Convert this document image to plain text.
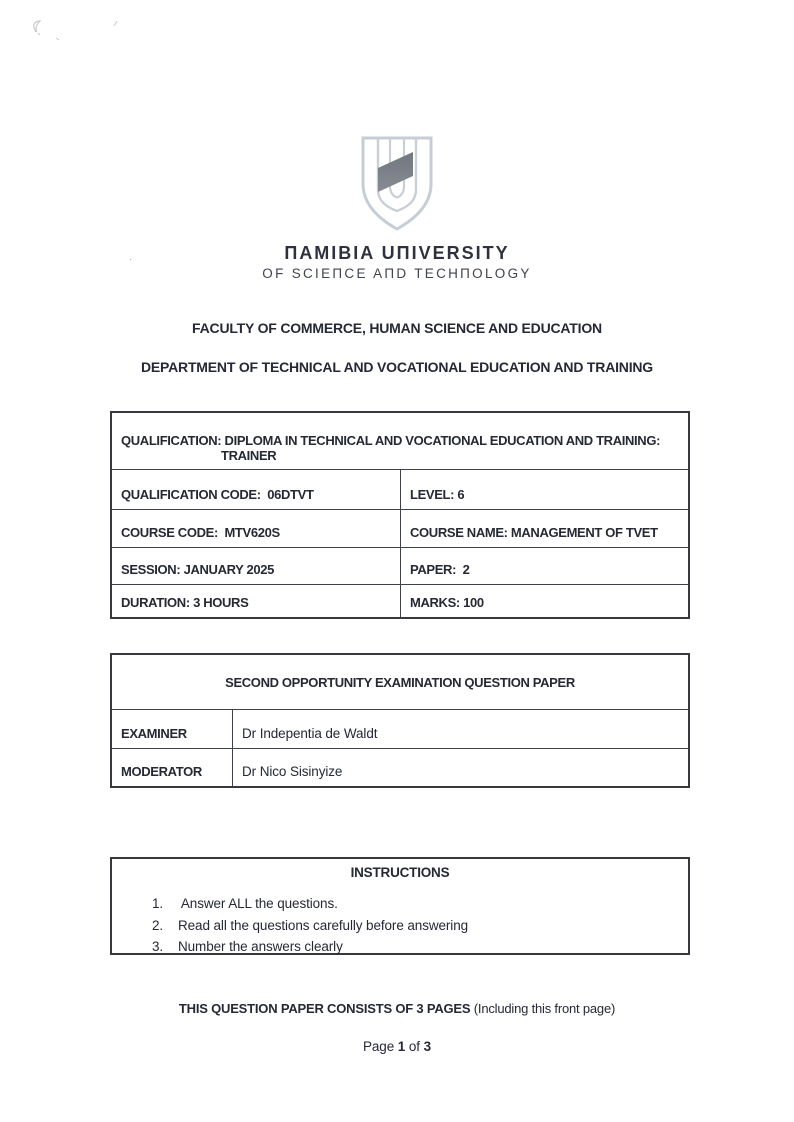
·	ПAMIBIA UПIVERSITY
OF SCIEПCE AПD TECHПOLOGY
FACULTY OF COMMERCE, HUMAN SCIENCE AND EDUCATION
DEPARTMENT OF TECHNICAL AND VOCATIONAL EDUCATION AND TRAINING
QUALIFICATION: DIPLOMA IN TECHNICAL AND VOCATIONAL EDUCATION AND TRAINING:
TRAINER
QUALIFICATION CODE:  06DTVT	LEVEL: 6
COURSE CODE:  MTV620S	COURSE NAME: MANAGEMENT OF TVET
SESSION: JANUARY 2025	PAPER:  2
DURATION: 3 HOURS	MARKS: 100
SECOND OPPORTUNITY EXAMINATION QUESTION PAPER
EXAMINER	Dr Indepentia de Waldt
MODERATOR	Dr Nico Sisinyize
INSTRUCTIONS
1.	Answer ALL the questions.
2.	Read all the questions carefully before answering
3.	Number the answers clearly
THIS QUESTION PAPER CONSISTS OF 3 PAGES (Including this front page)
Page 1 of 3
